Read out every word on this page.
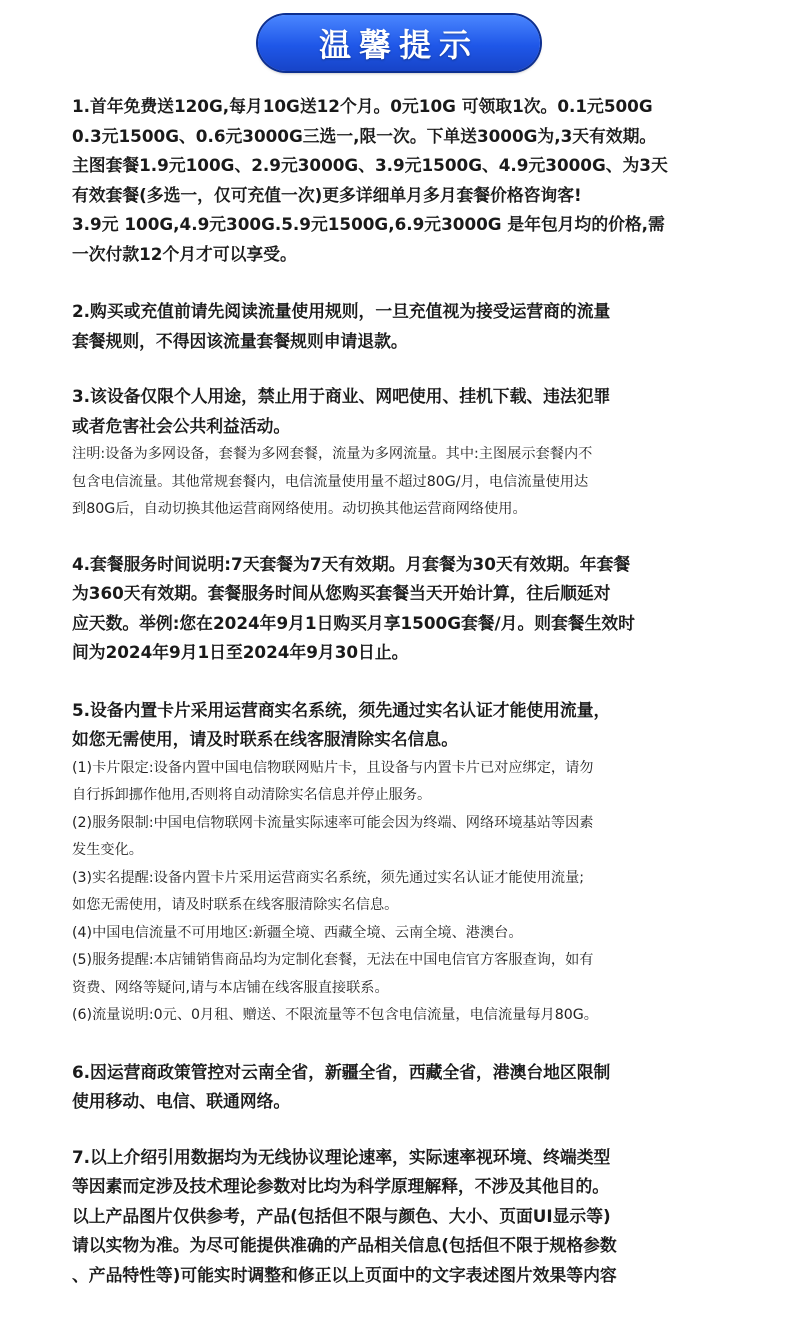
温馨提示

1.首年免费送120G,每月10G送12个月。0元10G 可领取1次。0.1元500G

0.3元1500G、0.6元3000G三选一,限一次。下单送3000G为,3天有效期。

主图套餐1.9元100G、2.9元3000G、3.9元1500G、4.9元3000G、为3天

有效套餐(多选一，仅可充值一次)更多详细单月多月套餐价格咨询客!

3.9元 100G,4.9元300G.5.9元1500G,6.9元3000G 是年包月均的价格,需

一次付款12个月才可以享受。

2.购买或充值前请先阅读流量使用规则，一旦充值视为接受运营商的流量

套餐规则，不得因该流量套餐规则申请退款。

3.该设备仅限个人用途，禁止用于商业、网吧使用、挂机下载、违法犯罪

或者危害社会公共利益活动。

注明:设备为多网设备，套餐为多网套餐，流量为多网流量。其中:主图展示套餐内不

包含电信流量。其他常规套餐内，电信流量使用量不超过80G/月，电信流量使用达

到80G后，自动切换其他运营商网络使用。动切换其他运营商网络使用。

4.套餐服务时间说明:7天套餐为7天有效期。月套餐为30天有效期。年套餐

为360天有效期。套餐服务时间从您购买套餐当天开始计算，往后顺延对

应天数。举例:您在2024年9月1日购买月享1500G套餐/月。则套餐生效时

间为2024年9月1日至2024年9月30日止。

5.设备内置卡片采用运营商实名系统，须先通过实名认证才能使用流量，

如您无需使用，请及时联系在线客服清除实名信息。

(1)卡片限定:设备内置中国电信物联网贴片卡，且设备与内置卡片已对应绑定，请勿

自行拆卸挪作他用,否则将自动清除实名信息并停止服务。

(2)服务限制:中国电信物联网卡流量实际速率可能会因为终端、网络环境基站等因素

发生变化。

(3)实名提醒:设备内置卡片采用运营商实名系统，须先通过实名认证才能使用流量;

如您无需使用，请及时联系在线客服清除实名信息。

(4)中国电信流量不可用地区:新疆全境、西藏全境、云南全境、港澳台。

(5)服务提醒:本店铺销售商品均为定制化套餐，无法在中国电信官方客服查询，如有

资费、网络等疑问,请与本店铺在线客服直接联系。

(6)流量说明:0元、0月租、赠送、不限流量等不包含电信流量，电信流量每月80G。

6.因运营商政策管控对云南全省，新疆全省，西藏全省，港澳台地区限制

使用移动、电信、联通网络。

7.以上介绍引用数据均为无线协议理论速率，实际速率视环境、终端类型

等因素而定涉及技术理论参数对比均为科学原理解释，不涉及其他目的。

以上产品图片仅供参考，产品(包括但不限与颜色、大小、页面UI显示等)

请以实物为准。为尽可能提供准确的产品相关信息(包括但不限于规格参数

、产品特性等)可能实时调整和修正以上页面中的文字表述图片效果等内容
